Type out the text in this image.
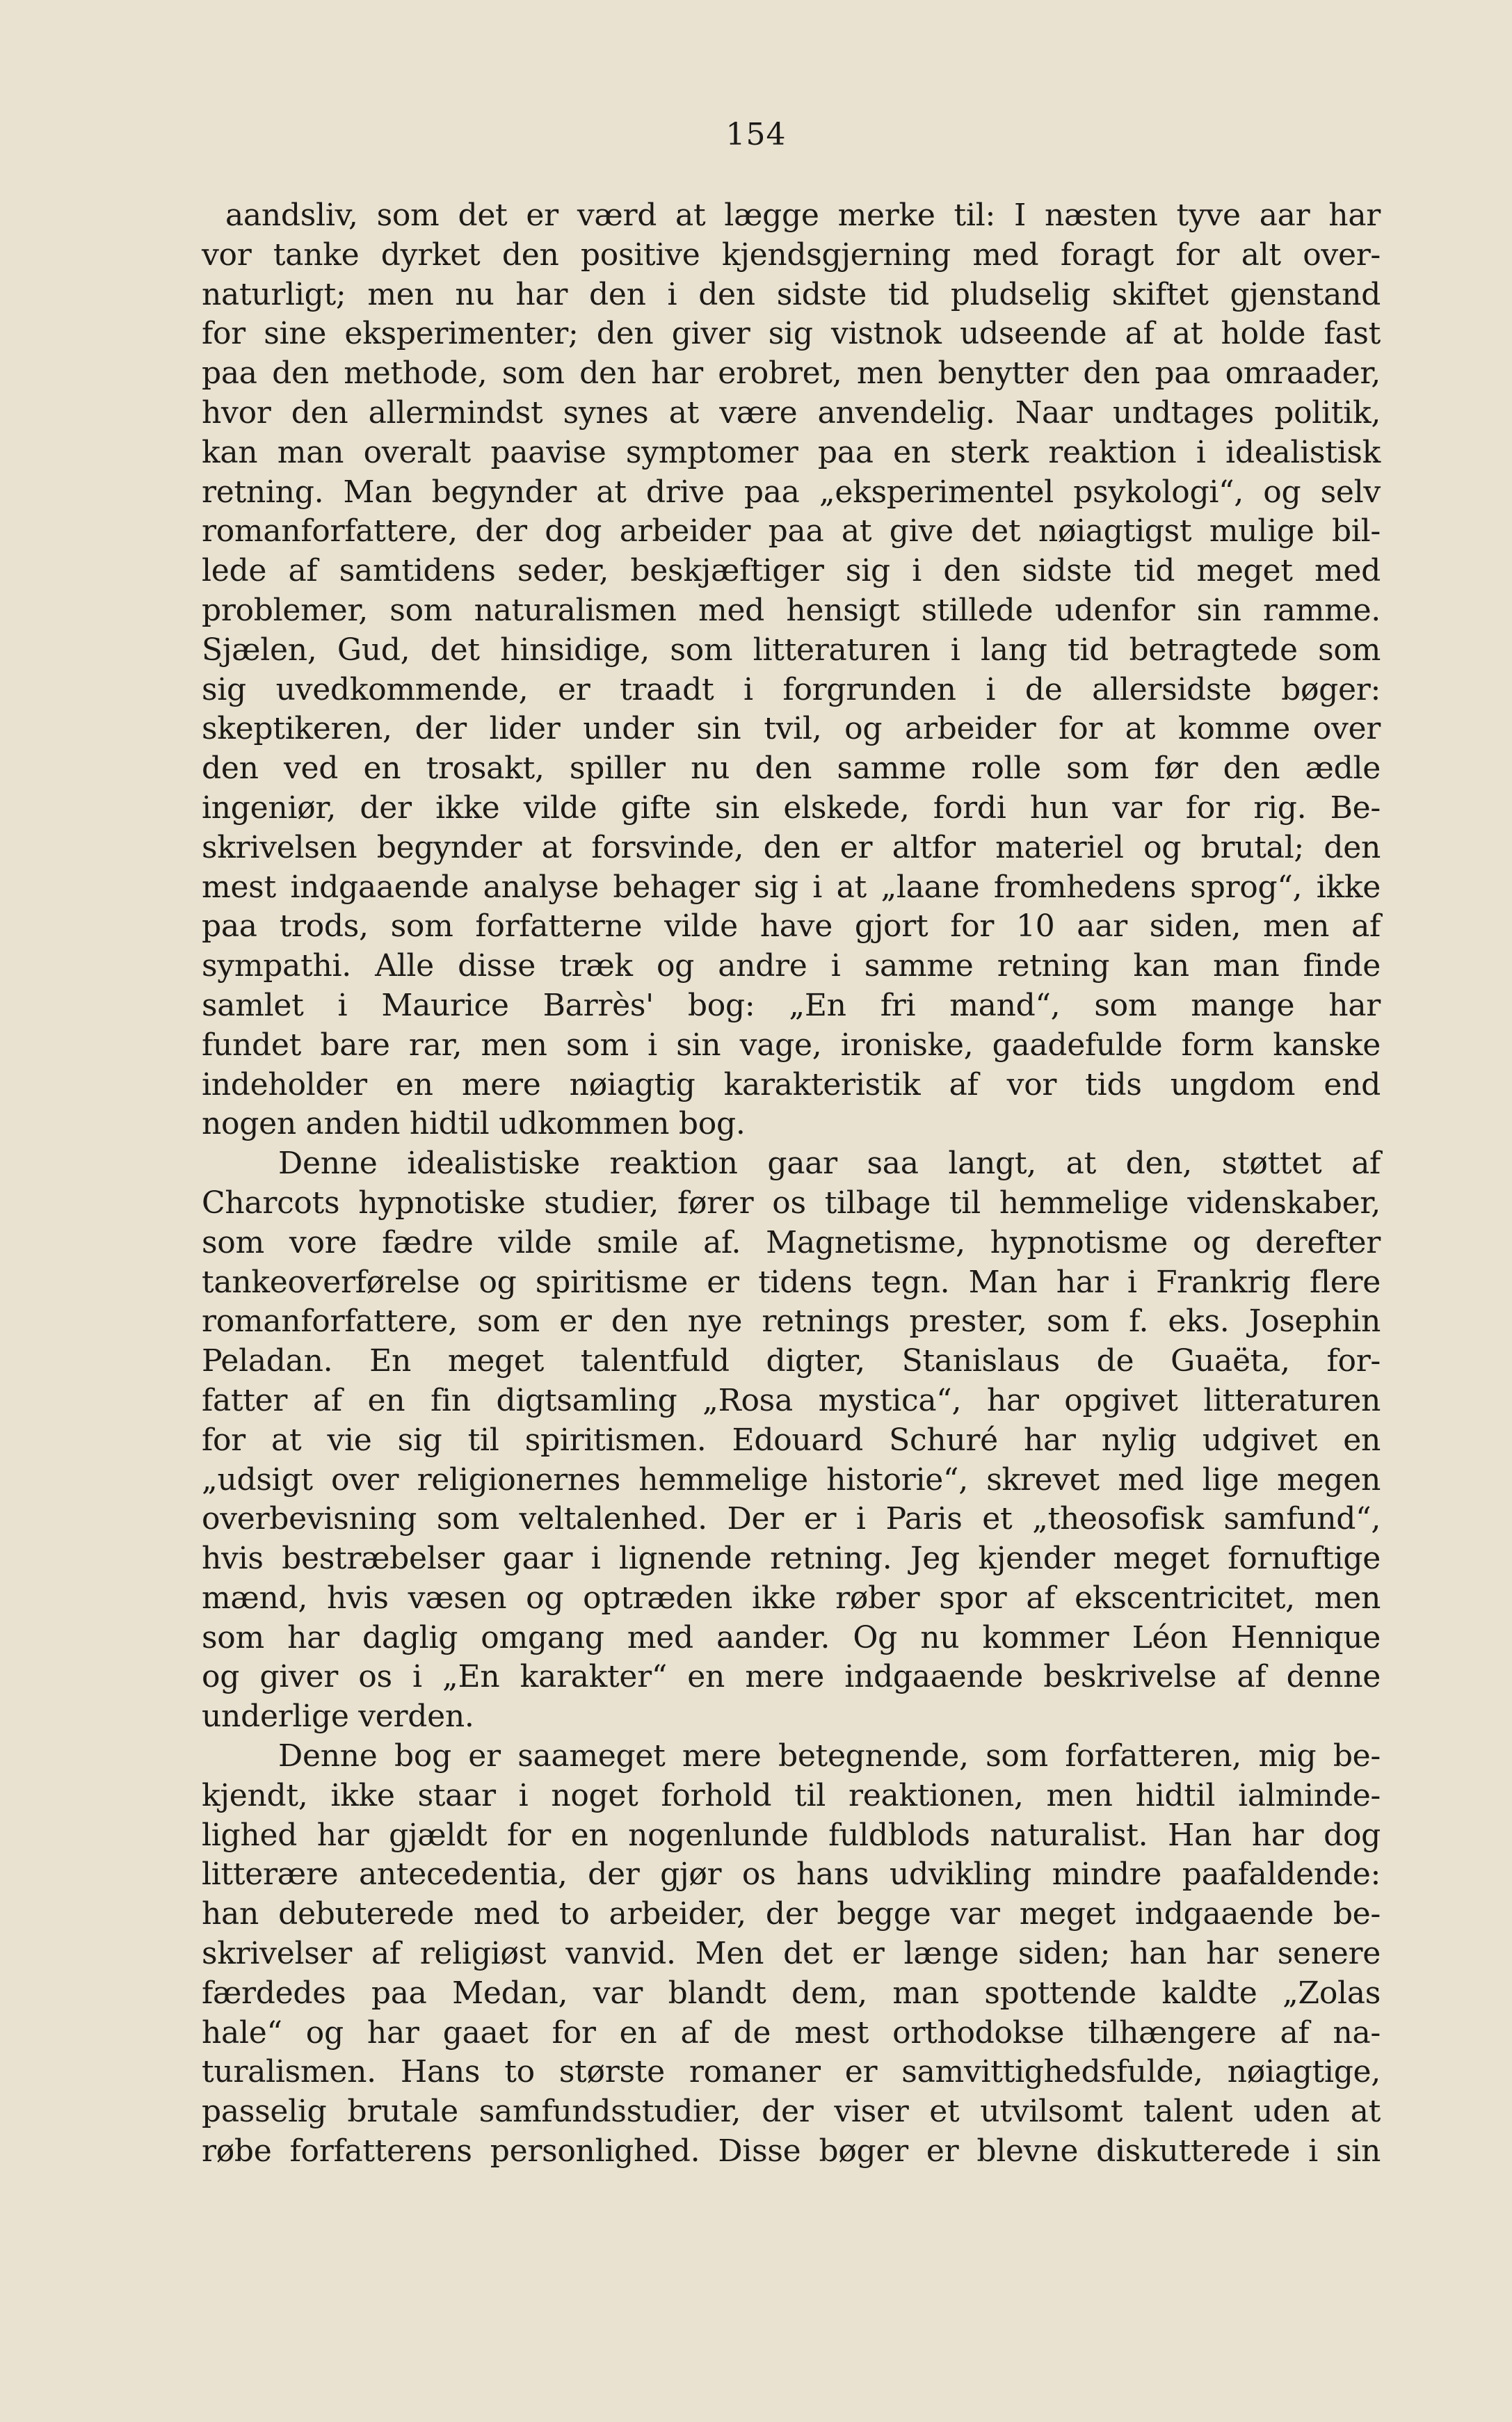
154
aandsliv, som det er værd at lægge merke til: I næsten tyve aar har
vor tanke dyrket den positive kjendsgjerning med foragt for alt over-
naturligt; men nu har den i den sidste tid pludselig skiftet gjenstand
for sine eksperimenter; den giver sig vistnok udseende af at holde fast
paa den methode, som den har erobret, men benytter den paa omraader,
hvor den allermindst synes at være anvendelig. Naar undtages politik,
kan man overalt paavise symptomer paa en sterk reaktion i idealistisk
retning. Man begynder at drive paa „eksperimentel psykologi“, og selv
romanforfattere, der dog arbeider paa at give det nøiagtigst mulige bil-
lede af samtidens seder, beskjæftiger sig i den sidste tid meget med
problemer, som naturalismen med hensigt stillede udenfor sin ramme.
Sjælen, Gud, det hinsidige, som litteraturen i lang tid betragtede som
sig uvedkommende, er traadt i forgrunden i de allersidste bøger:
skeptikeren, der lider under sin tvil, og arbeider for at komme over
den ved en trosakt, spiller nu den samme rolle som før den ædle
ingeniør, der ikke vilde gifte sin elskede, fordi hun var for rig. Be-
skrivelsen begynder at forsvinde, den er altfor materiel og brutal; den
mest indgaaende analyse behager sig i at „laane fromhedens sprog“, ikke
paa trods, som forfatterne vilde have gjort for 10 aar siden, men af
sympathi. Alle disse træk og andre i samme retning kan man finde
samlet i Maurice Barrès' bog: „En fri mand“, som mange har
fundet bare rar, men som i sin vage, ironiske, gaadefulde form kanske
indeholder en mere nøiagtig karakteristik af vor tids ungdom end
nogen anden hidtil udkommen bog.
Denne idealistiske reaktion gaar saa langt, at den, støttet af
Charcots hypnotiske studier, fører os tilbage til hemmelige videnskaber,
som vore fædre vilde smile af. Magnetisme, hypnotisme og derefter
tankeoverførelse og spiritisme er tidens tegn. Man har i Frankrig flere
romanforfattere, som er den nye retnings prester, som f. eks. Josephin
Peladan. En meget talentfuld digter, Stanislaus de Guaëta, for-
fatter af en fin digtsamling „Rosa mystica“, har opgivet litteraturen
for at vie sig til spiritismen. Edouard Schuré har nylig udgivet en
„udsigt over religionernes hemmelige historie“, skrevet med lige megen
overbevisning som veltalenhed. Der er i Paris et „theosofisk samfund“,
hvis bestræbelser gaar i lignende retning. Jeg kjender meget fornuftige
mænd, hvis væsen og optræden ikke røber spor af ekscentricitet, men
som har daglig omgang med aander. Og nu kommer Léon Hennique
og giver os i „En karakter“ en mere indgaaende beskrivelse af denne
underlige verden.
Denne bog er saameget mere betegnende, som forfatteren, mig be-
kjendt, ikke staar i noget forhold til reaktionen, men hidtil ialminde-
lighed har gjældt for en nogenlunde fuldblods naturalist. Han har dog
litterære antecedentia, der gjør os hans udvikling mindre paafaldende:
han debuterede med to arbeider, der begge var meget indgaaende be-
skrivelser af religiøst vanvid. Men det er længe siden; han har senere
færdedes paa Medan, var blandt dem, man spottende kaldte „Zolas
hale“ og har gaaet for en af de mest orthodokse tilhængere af na-
turalismen. Hans to største romaner er samvittighedsfulde, nøiagtige,
passelig brutale samfundsstudier, der viser et utvilsomt talent uden at
røbe forfatterens personlighed. Disse bøger er blevne diskutterede i sin
